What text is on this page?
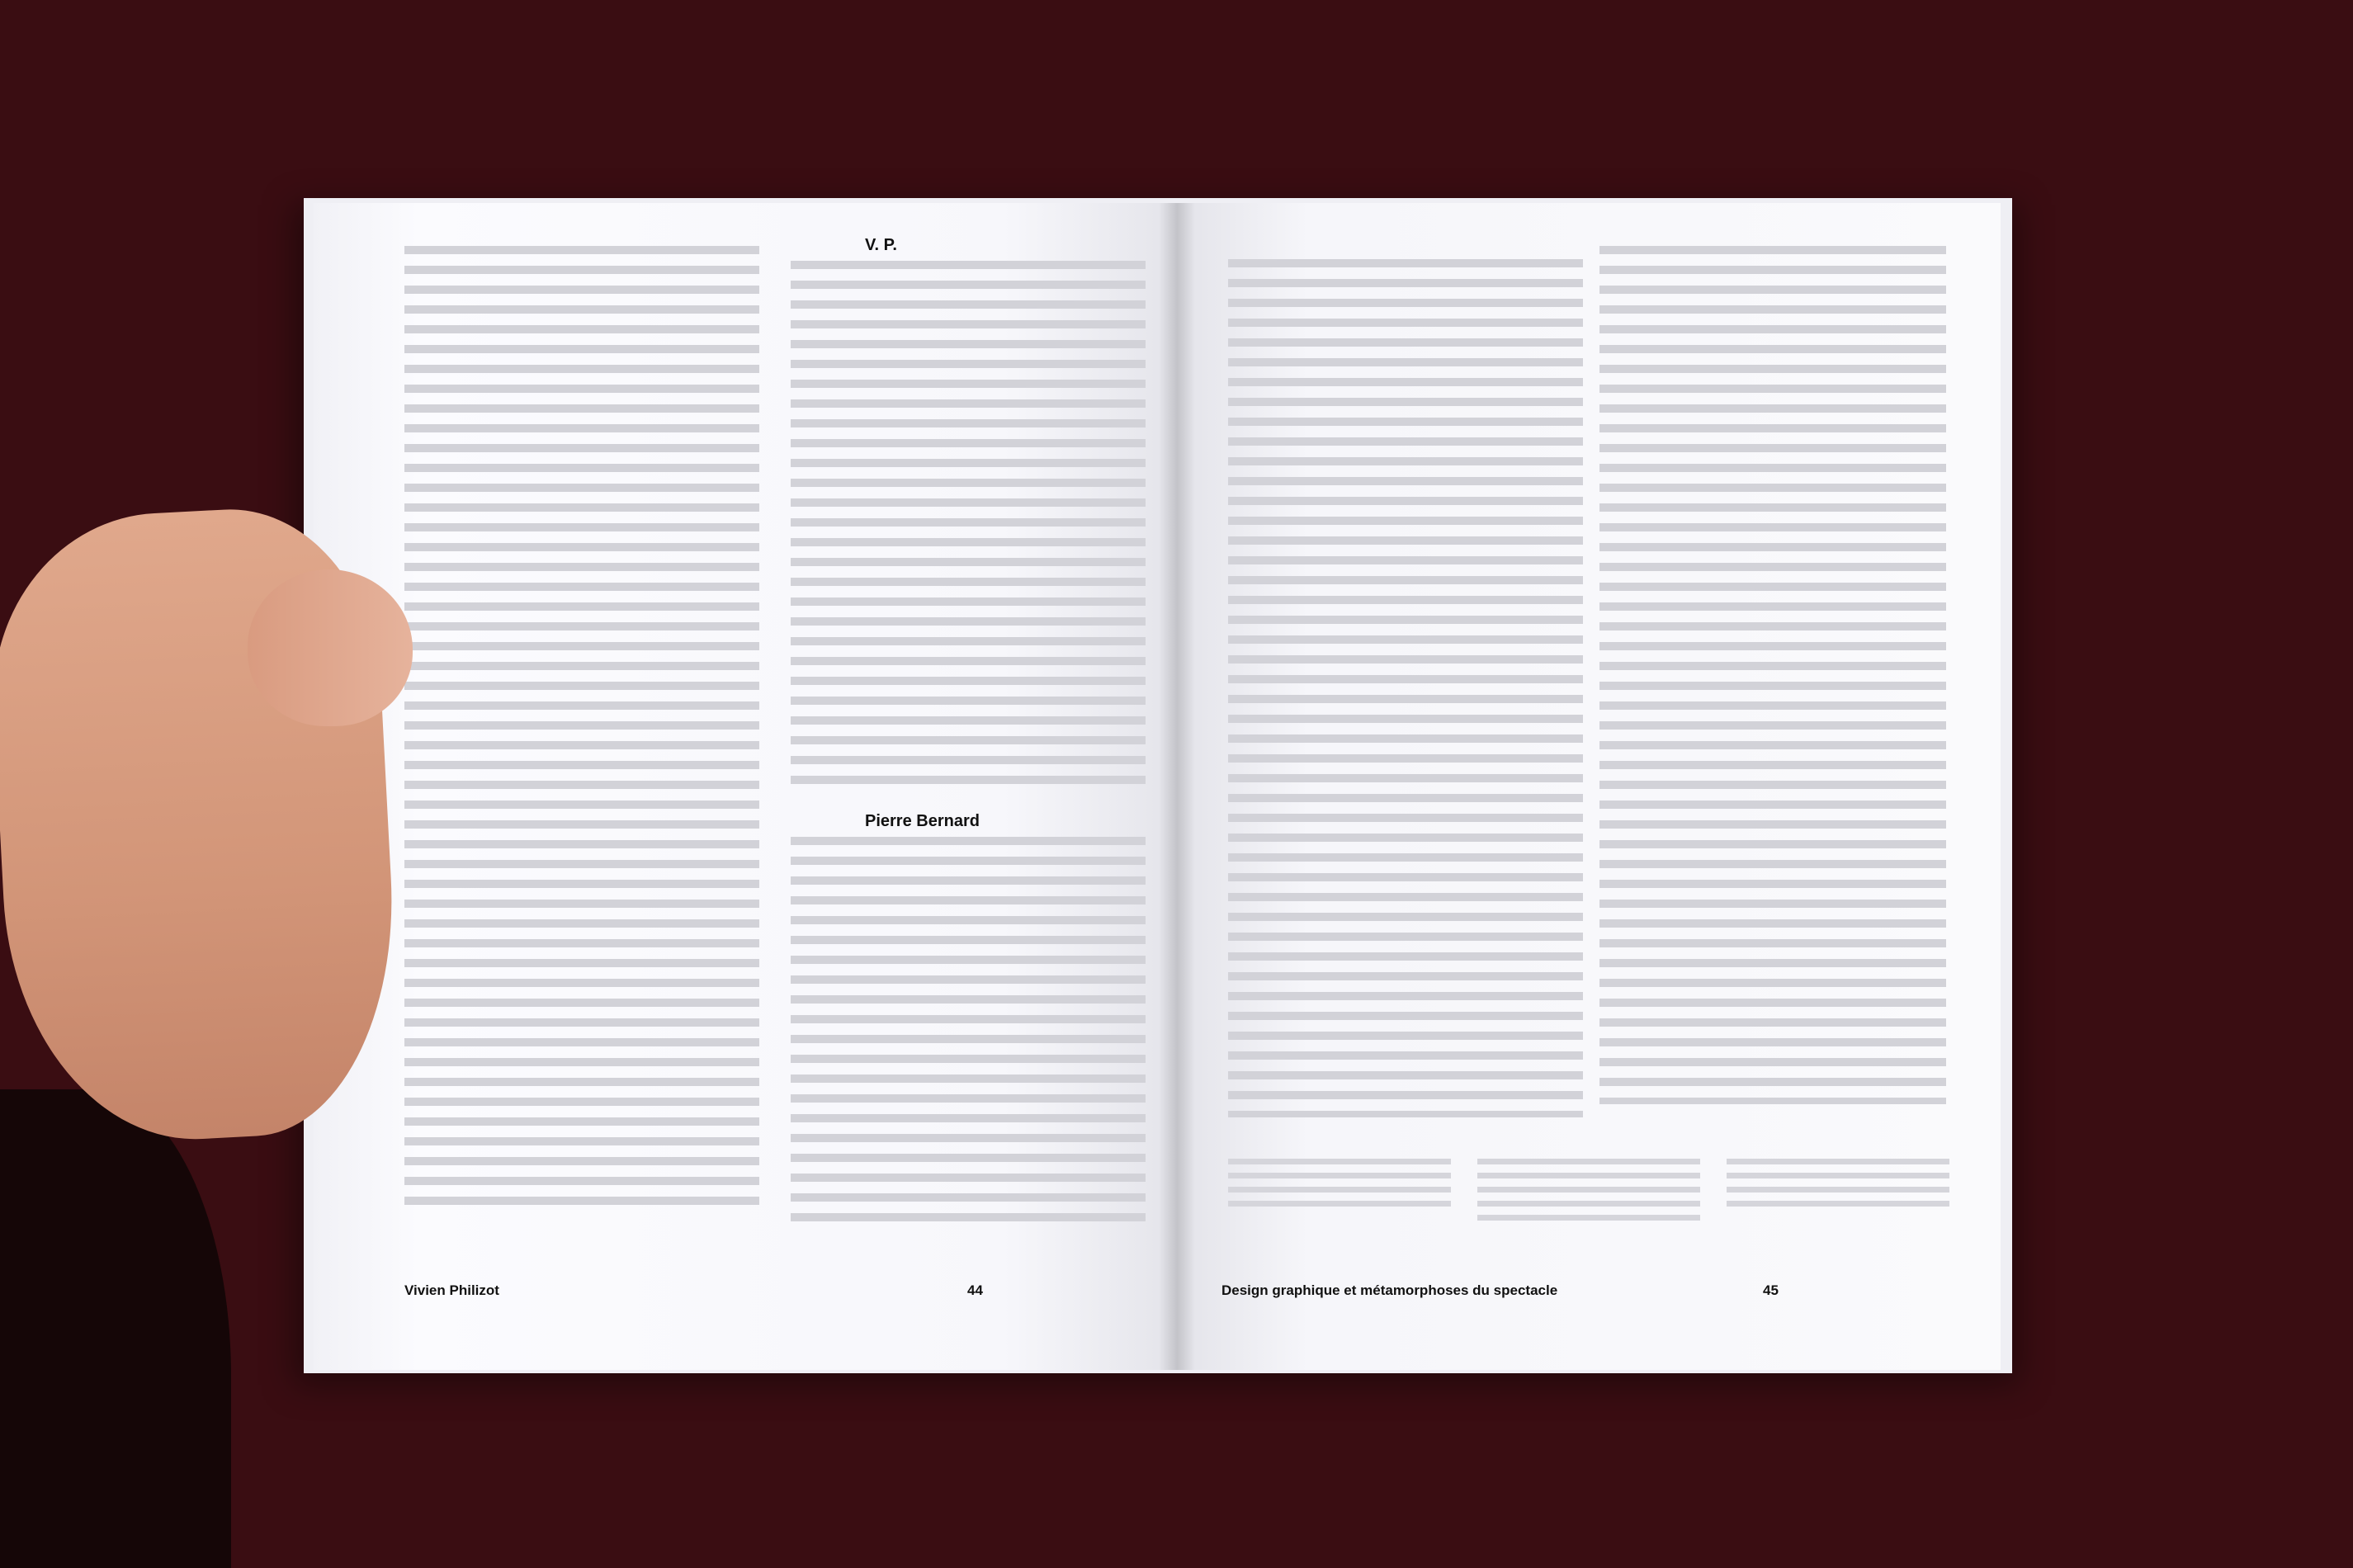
V. P.
Pierre Bernard
Vivien Philizot	44	Design graphique et métamorphoses du spectacle	45
